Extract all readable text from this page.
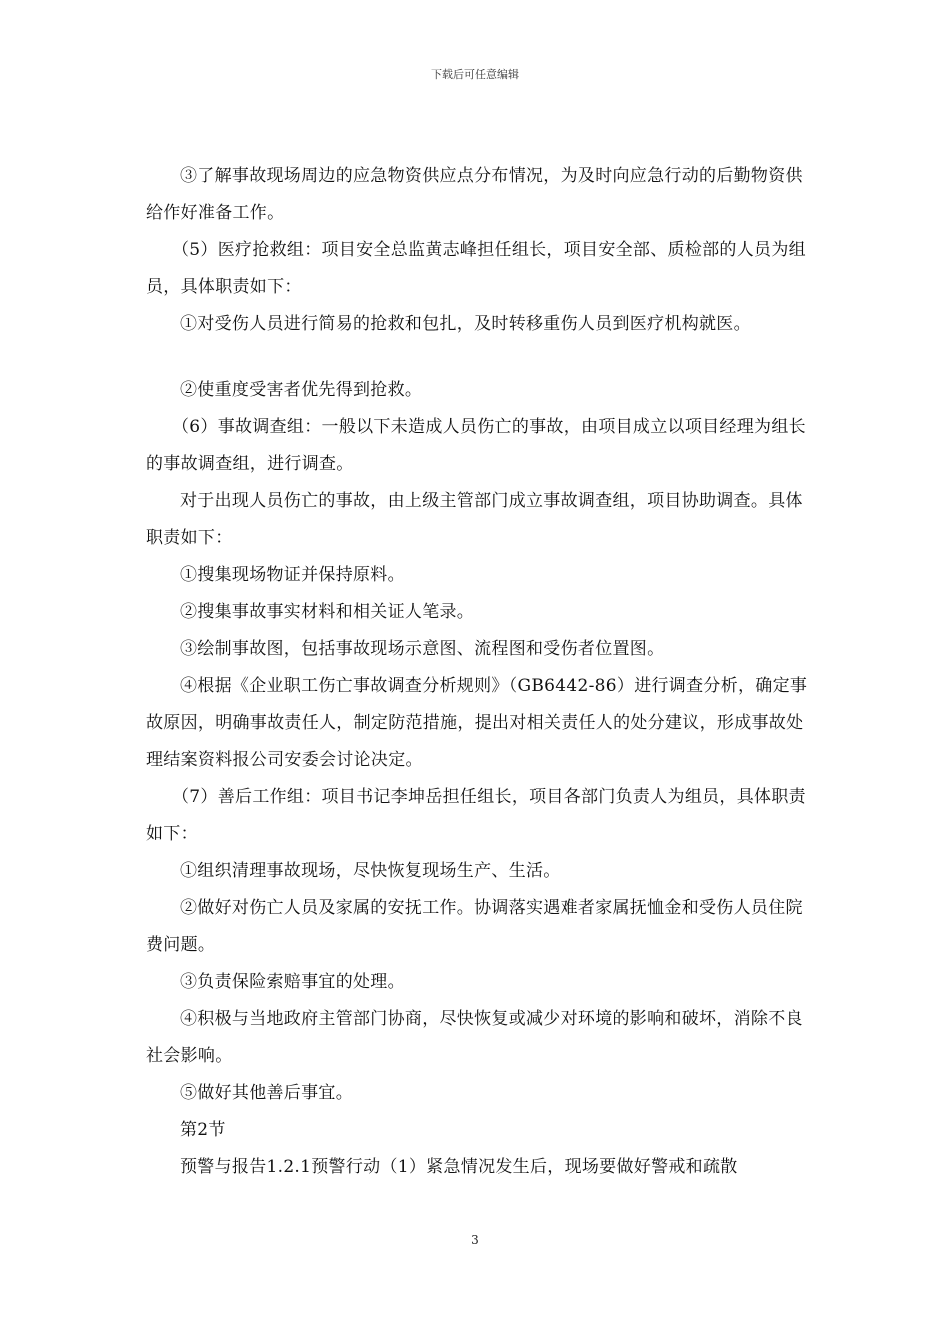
下载后可任意编辑

③了解事故现场周边的应急物资供应点分布情况，为及时向应急行动的后勤物资供给作好准备工作。

（5）医疗抢救组：项目安全总监黄志峰担任组长，项目安全部、质检部的人员为组员，具体职责如下：

①对受伤人员进行简易的抢救和包扎，及时转移重伤人员到医疗机构就医。

②使重度受害者优先得到抢救。

（6）事故调查组：一般以下未造成人员伤亡的事故，由项目成立以项目经理为组长的事故调查组，进行调查。

对于出现人员伤亡的事故，由上级主管部门成立事故调查组，项目协助调查。具体职责如下：

①搜集现场物证并保持原料。

②搜集事故事实材料和相关证人笔录。

③绘制事故图，包括事故现场示意图、流程图和受伤者位置图。

④根据《企业职工伤亡事故调查分析规则》（GB6442-86）进行调查分析，确定事故原因，明确事故责任人，制定防范措施，提出对相关责任人的处分建议，形成事故处理结案资料报公司安委会讨论决定。

（7）善后工作组：项目书记李坤岳担任组长，项目各部门负责人为组员，具体职责如下：

①组织清理事故现场，尽快恢复现场生产、生活。

②做好对伤亡人员及家属的安抚工作。协调落实遇难者家属抚恤金和受伤人员住院费问题。

③负责保险索赔事宜的处理。

④积极与当地政府主管部门协商，尽快恢复或减少对环境的影响和破坏，消除不良社会影响。

⑤做好其他善后事宜。

第2节

预警与报告1.2.1预警行动（1）紧急情况发生后，现场要做好警戒和疏散

3
